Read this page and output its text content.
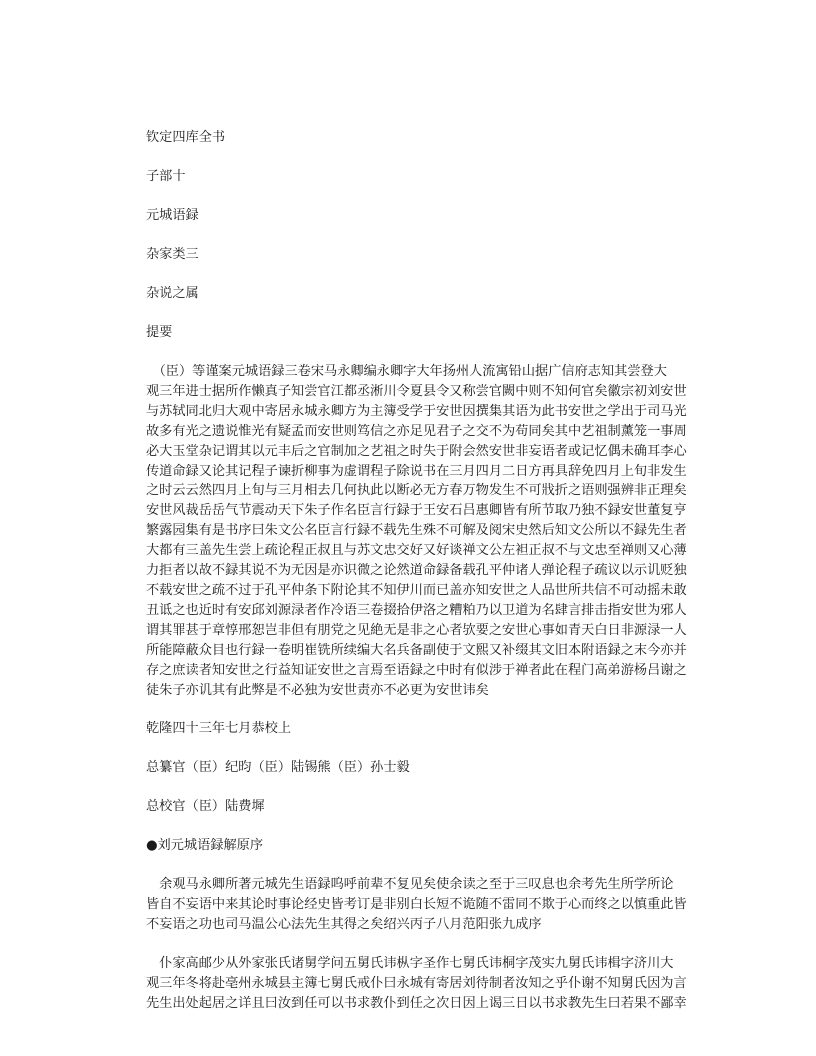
钦定四库全书
子部十
元城语録
杂家类三
杂说之属
提要
　（臣）等谨案元城语録三卷宋马永卿编永卿字大年扬州人流寓铅山据广信府志知其尝登大
观三年进士据所作懒真子知尝官江都丞淅川令夏县令又称尝官闕中则不知何官矣徽宗初刘安世
与苏轼同北归大观中寄居永城永卿方为主簿受学于安世因撰集其语为此书安世之学出于司马光
故多有光之遗说惟光有疑孟而安世则笃信之亦足见君子之交不为苟同矣其中艺祖制薰笼一事周
必大玉堂杂记谓其以元丰后之官制加之艺祖之时失于附会然安世非妄语者或记忆偶未确耳李心
传道命録又论其记程子谏折柳事为虚谓程子除说书在三月四月二日方再具辞免四月上旬非发生
之时云云然四月上旬与三月相去几何执此以断必无方春万物发生不可戕折之语则强辨非正理矣
安世风裁岳岳气节震动天下朱子作名臣言行録于王安石吕惠卿皆有所节取乃独不録安世董复亨
繁露园集有是书序曰朱文公名臣言行録不载先生殊不可解及阅宋史然后知文公所以不録先生者
大都有三盖先生尝上疏论程正叔且与苏文忠交好又好谈禅文公左袒正叔不与文忠至禅则又心薄
力拒者以故不録其说不为无因是亦识微之论然道命録备载孔平仲诸人弹论程子疏议以示讥贬独
不载安世之疏不过于孔平仲条下附论其不知伊川而已盖亦知安世之人品世所共信不可动摇未敢
丑诋之也近时有安邱刘源渌者作冷语三卷掇拾伊洛之糟粕乃以卫道为名肆言排击指安世为邪人
谓其罪甚于章惇邢恕岂非但有朋党之见絶无是非之心者欤要之安世心事如青天白日非源渌一人
所能障蔽众目也行録一卷明崔铣所续编大名兵备副使于文熙又补缀其文旧本附语録之末今亦并
存之庶读者知安世之行益知证安世之言焉至语録之中时有似涉于禅者此在程门高弟游杨吕谢之
徒朱子亦讥其有此弊是不必独为安世责亦不必更为安世讳矣
乾隆四十三年七月恭校上
总纂官（臣）纪昀（臣）陆锡熊（臣）孙士毅
总校官（臣）陆费墀
●刘元城语録解原序
　余观马永卿所著元城先生语録呜呼前辈不复见矣使余读之至于三叹息也余考先生所学所论
皆自不妄语中来其论时事论经史皆考订是非别白长短不诡随不雷同不欺于心而终之以慎重此皆
不妄语之功也司马温公心法先生其得之矣绍兴丙子八月范阳张九成序
　仆家高邮少从外家张氏诸舅学问五舅氏讳枞字圣作七舅氏讳桐字茂实九舅氏讳楫字济川大
观三年冬将赴亳州永城县主簿七舅氏戒仆曰永城有寄居刘待制者汝知之乎仆谢不知舅氏因为言
先生出处起居之详且曰汝到任可以书求教仆到任之次日因上谒三日以书求教先生曰若果不鄙幸
